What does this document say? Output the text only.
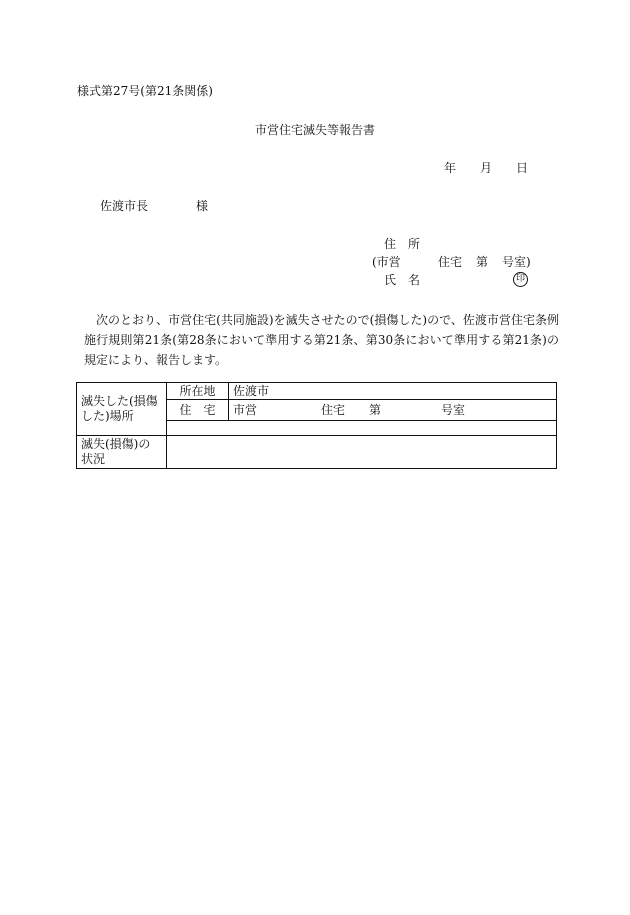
様式第27号(第21条関係)
市営住宅滅失等報告書
年 月 日
佐渡市長	様
住 所
(市営	住宅 第 号室)
氏 名	印
次のとおり、市営住宅(共同施設)を滅失させたので(損傷した)ので、佐渡市営住宅条例施行規則第21条(第28条において準用する第21条、第30条において準用する第21条)の規定により、報告します。
滅失した(損傷した)場所	所在地	佐渡市
	住　宅	市営 住宅 第 号室

滅失(損傷)の状況		
